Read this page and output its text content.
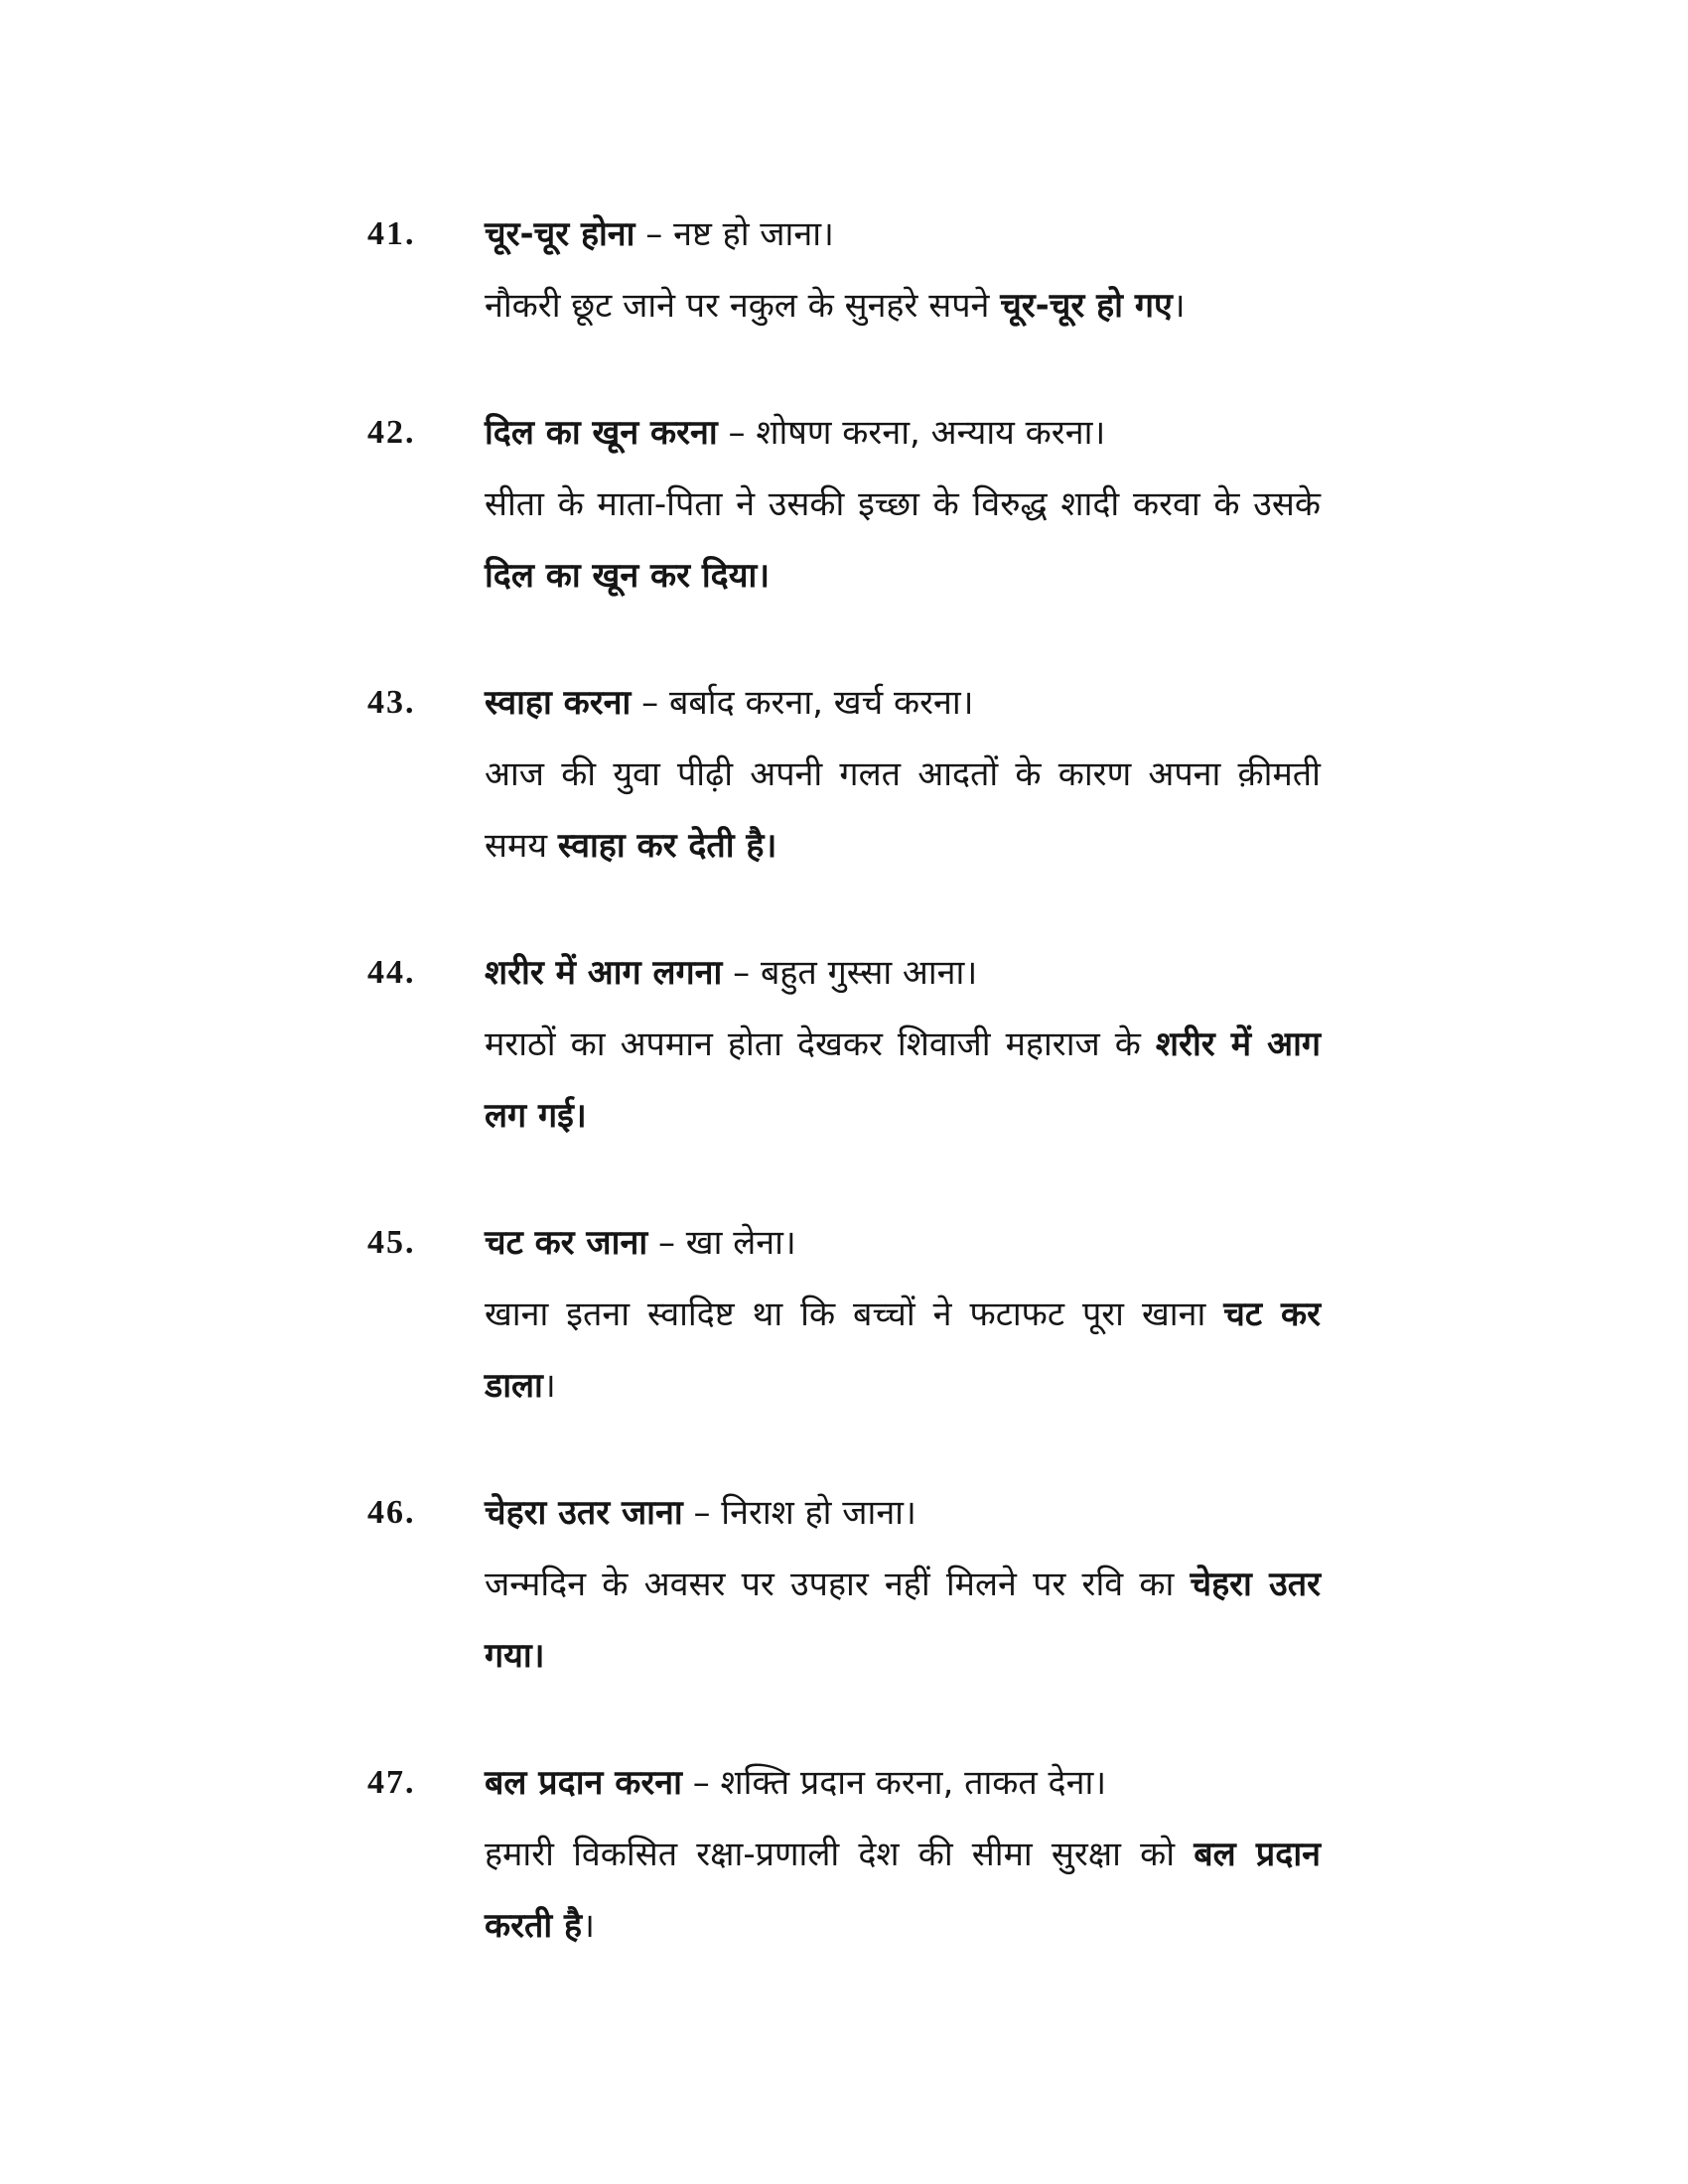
41.	चूर-चूर होना – नष्ट हो जाना।
नौकरी छूट जाने पर नकुल के सुनहरे सपने चूर-चूर हो गए।
42.	दिल का खून करना – शोषण करना, अन्याय करना।
सीता के माता-पिता ने उसकी इच्छा के विरुद्ध शादी करवा के उसके दिल का खून कर दिया।
43.	स्वाहा करना – बर्बाद करना, खर्च करना।
आज की युवा पीढ़ी अपनी गलत आदतों के कारण अपना क़ीमती समय स्वाहा कर देती है।
44.	शरीर में आग लगना – बहुत गुस्सा आना।
मराठों का अपमान होता देखकर शिवाजी महाराज के शरीर में आग लग गई।
45.	चट कर जाना – खा लेना।
खाना इतना स्वादिष्ट था कि बच्चों ने फटाफट पूरा खाना चट कर डाला।
46.	चेहरा उतर जाना – निराश हो जाना।
जन्मदिन के अवसर पर उपहार नहीं मिलने पर रवि का चेहरा उतर गया।
47.	बल प्रदान करना – शक्ति प्रदान करना, ताकत देना।
हमारी विकसित रक्षा-प्रणाली देश की सीमा सुरक्षा को बल प्रदान करती है।
